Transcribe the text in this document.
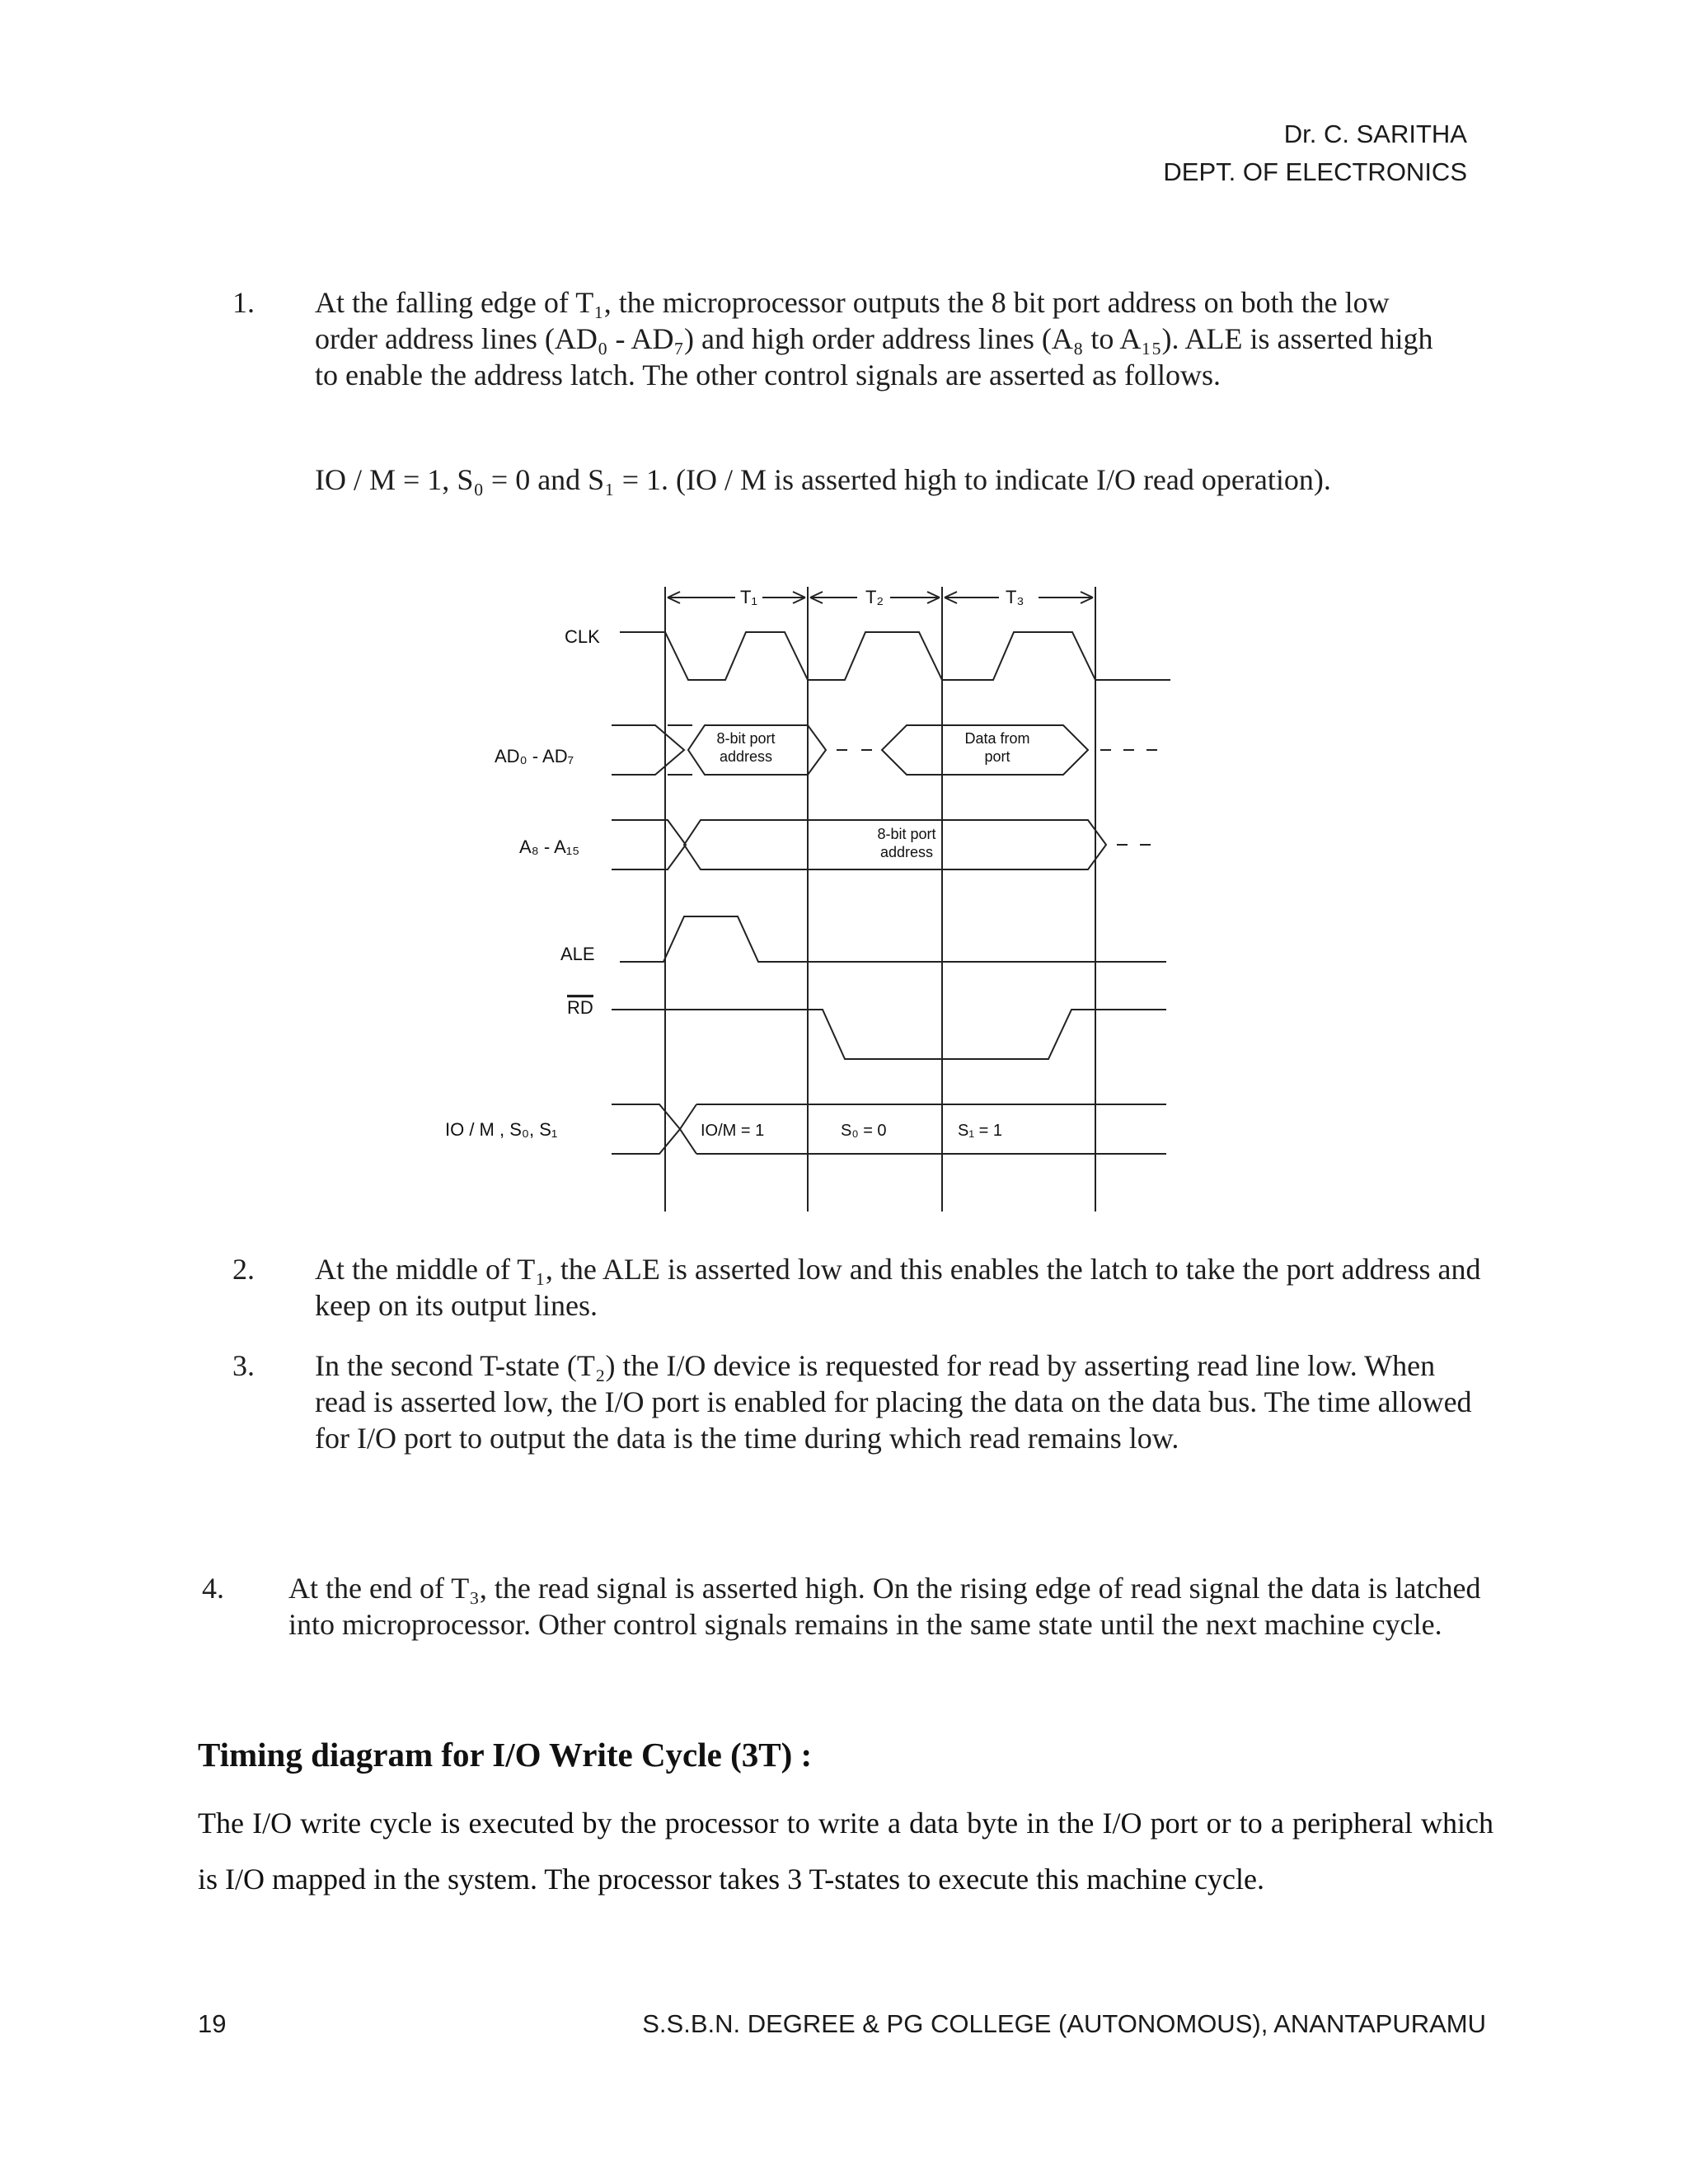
Dr. C. SARITHA
DEPT. OF ELECTRONICS
1.	At the falling edge of T₁, the microprocessor outputs the 8 bit port address on both the low order address lines (AD₀ - AD₇) and high order address lines (A₈ to A₁₅). ALE is asserted high to enable the address latch. The other control signals are asserted as follows.
IO / M = 1, S₀ = 0 and S₁ = 1. (IO / M is asserted high to indicate I/O read operation).
T₁	T₂	T₃
CLK
AD₀ - AD₇
A₈ - A₁₅
ALE
RD
IO / M , S₀, S₁
8-bit port
address
Data from
port
8-bit port
address
IO/M = 1	S₀ = 0	S₁ = 1
2.	At the middle of T₁, the ALE is asserted low and this enables the latch to take the port address and keep on its output lines.
3.	In the second T-state (T₂) the I/O device is requested for read by asserting read line low. When read is asserted low, the I/O port is enabled for placing the data on the data bus. The time allowed for I/O port to output the data is the time during which read remains low.
4.	At the end of T₃, the read signal is asserted high. On the rising edge of read signal the data is latched into microprocessor. Other control signals remains in the same state until the next machine cycle.
Timing diagram for I/O Write Cycle (3T) :

The I/O write cycle is executed by the processor to write a data byte in the I/O port or to a peripheral which is I/O mapped in the system. The processor takes 3 T-states to execute this machine cycle.

19	S.S.B.N. DEGREE & PG COLLEGE (AUTONOMOUS), ANANTAPURAMU
